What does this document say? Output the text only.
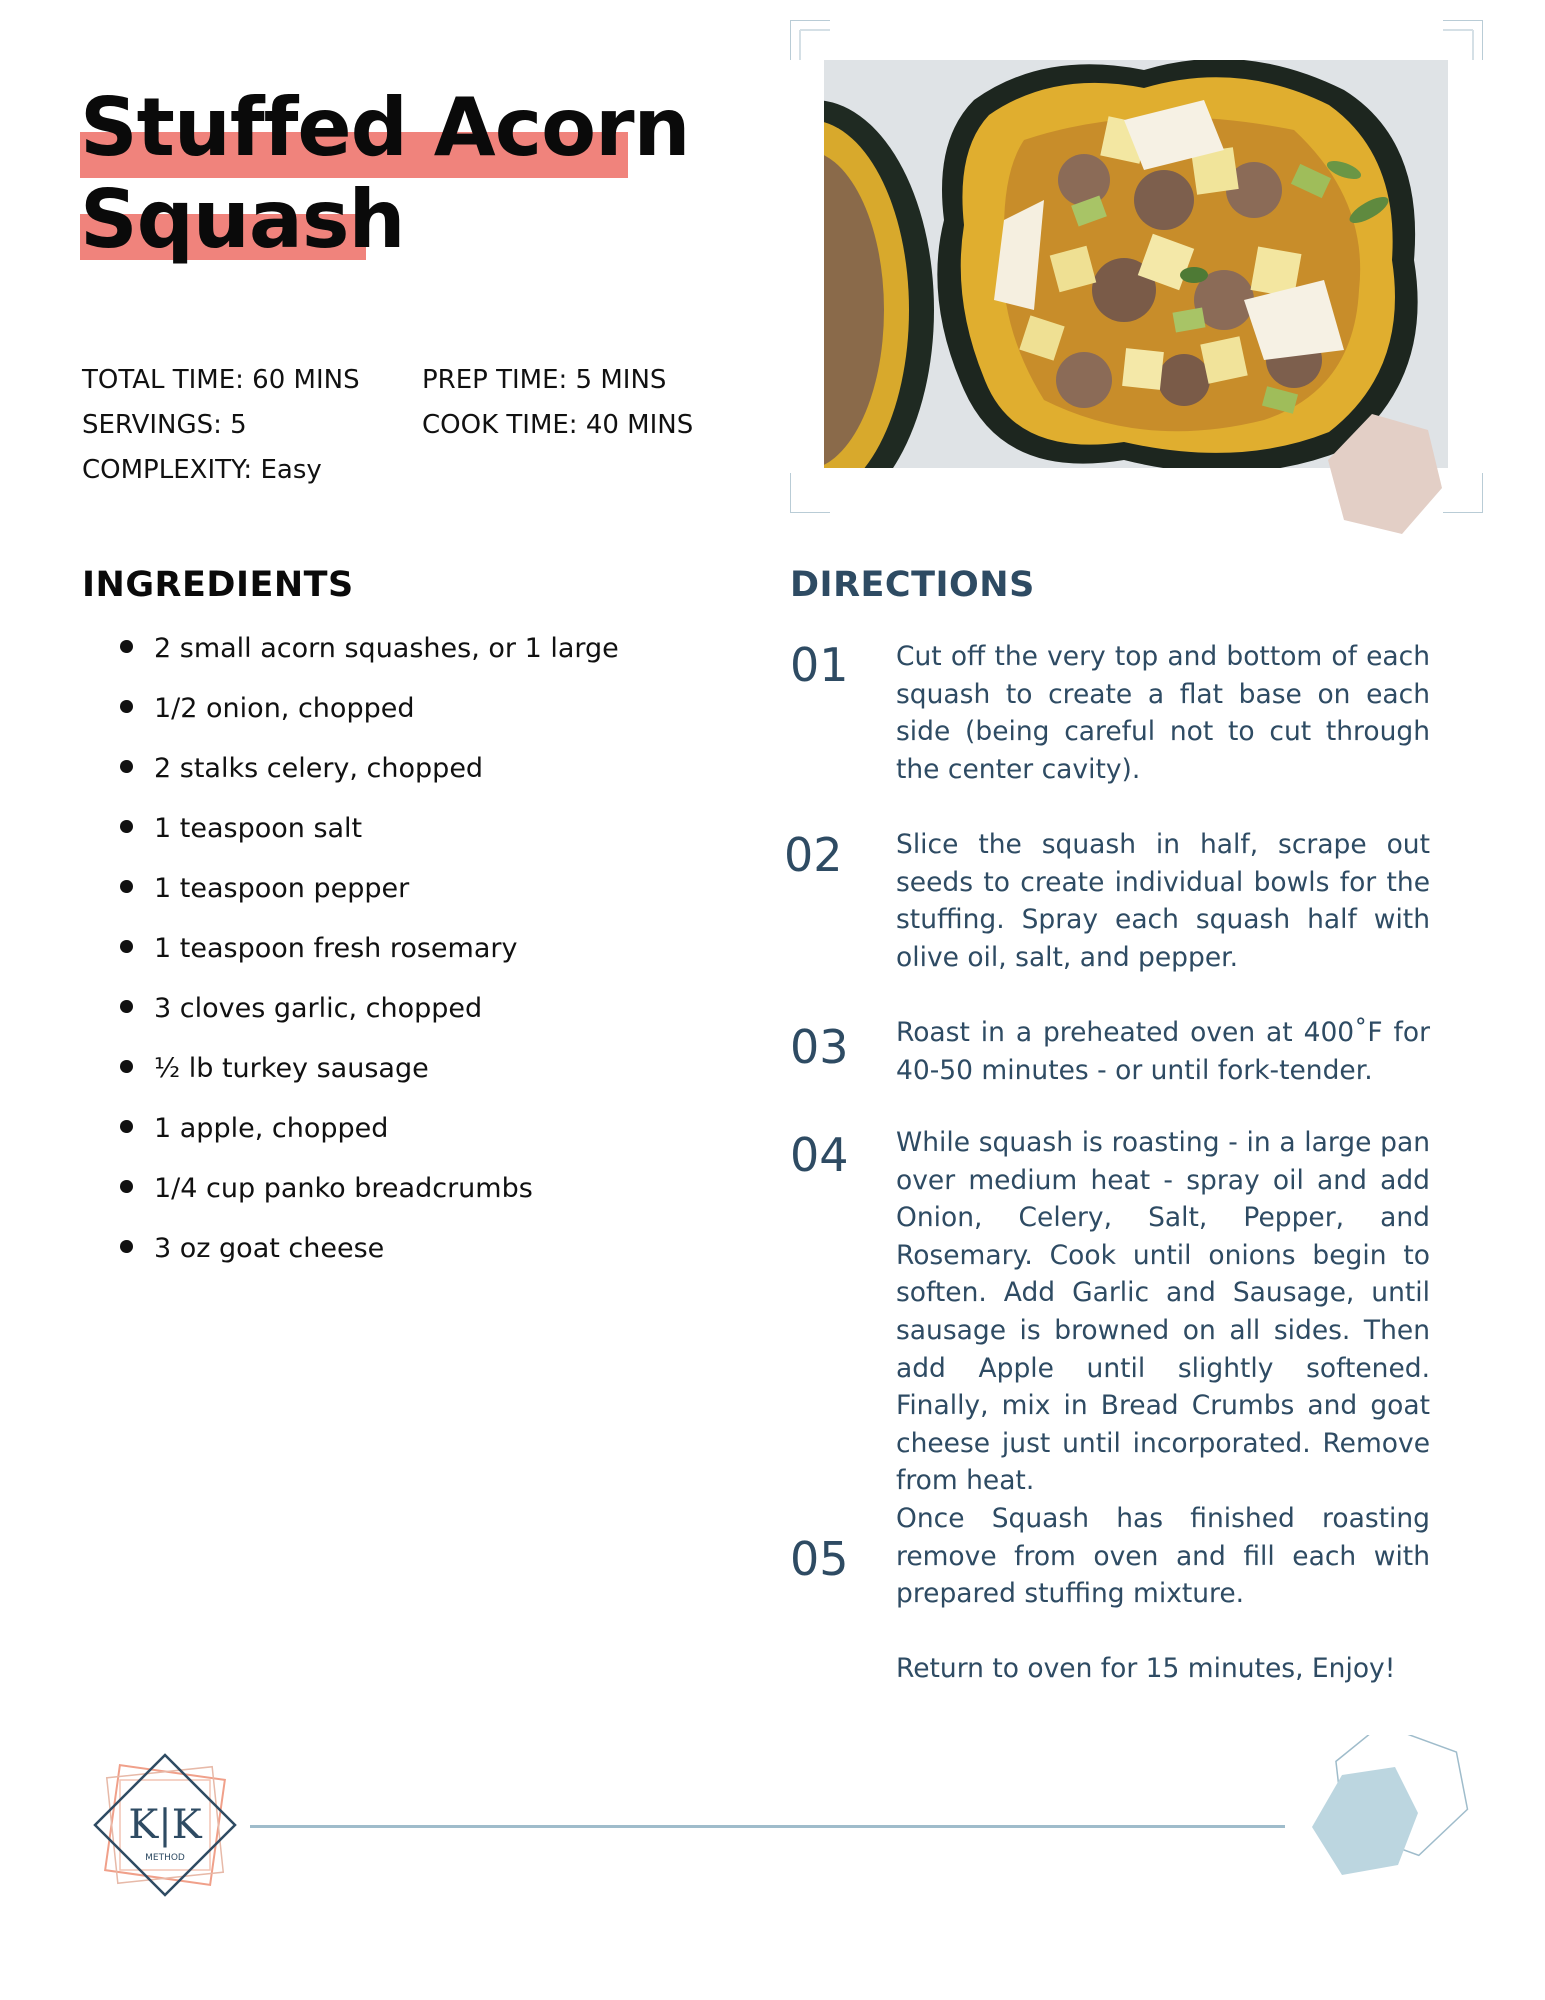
Stuffed Acorn
Squash
TOTAL TIME: 60 MINS PREP TIME: 5 MINS
SERVINGS: 5	COOK TIME: 40 MINS
COMPLEXITY: Easy
INGREDIENTS
2 small acorn squashes, or 1 large
1/2 onion, chopped
2 stalks celery, chopped
1 teaspoon salt
1 teaspoon pepper
1 teaspoon fresh rosemary
3 cloves garlic, chopped
½ lb turkey sausage
1 apple, chopped
1/4 cup panko breadcrumbs
3 oz goat cheese
DIRECTIONS
01 Cut off the very top and bottom of each squash to create a flat base on each side (being careful not to cut through the center cavity).

02 Slice the squash in half, scrape out seeds to create individual bowls for the stuffing. Spray each squash half with olive oil, salt, and pepper.

03 Roast in a preheated oven at 400˚F for 40-50 minutes - or until fork-tender.

04 While squash is roasting - in a large pan over medium heat - spray oil and add Onion, Celery, Salt, Pepper, and Rosemary. Cook until onions begin to soften. Add Garlic and Sausage, until sausage is browned on all sides. Then add Apple until slightly softened. Finally, mix in Bread Crumbs and goat cheese just until incorporated. Remove from heat.

05

Once Squash has finished roasting remove from oven and fill each with prepared stuffing mixture.

Return to oven for 15 minutes, Enjoy!

K|K
METHOD
